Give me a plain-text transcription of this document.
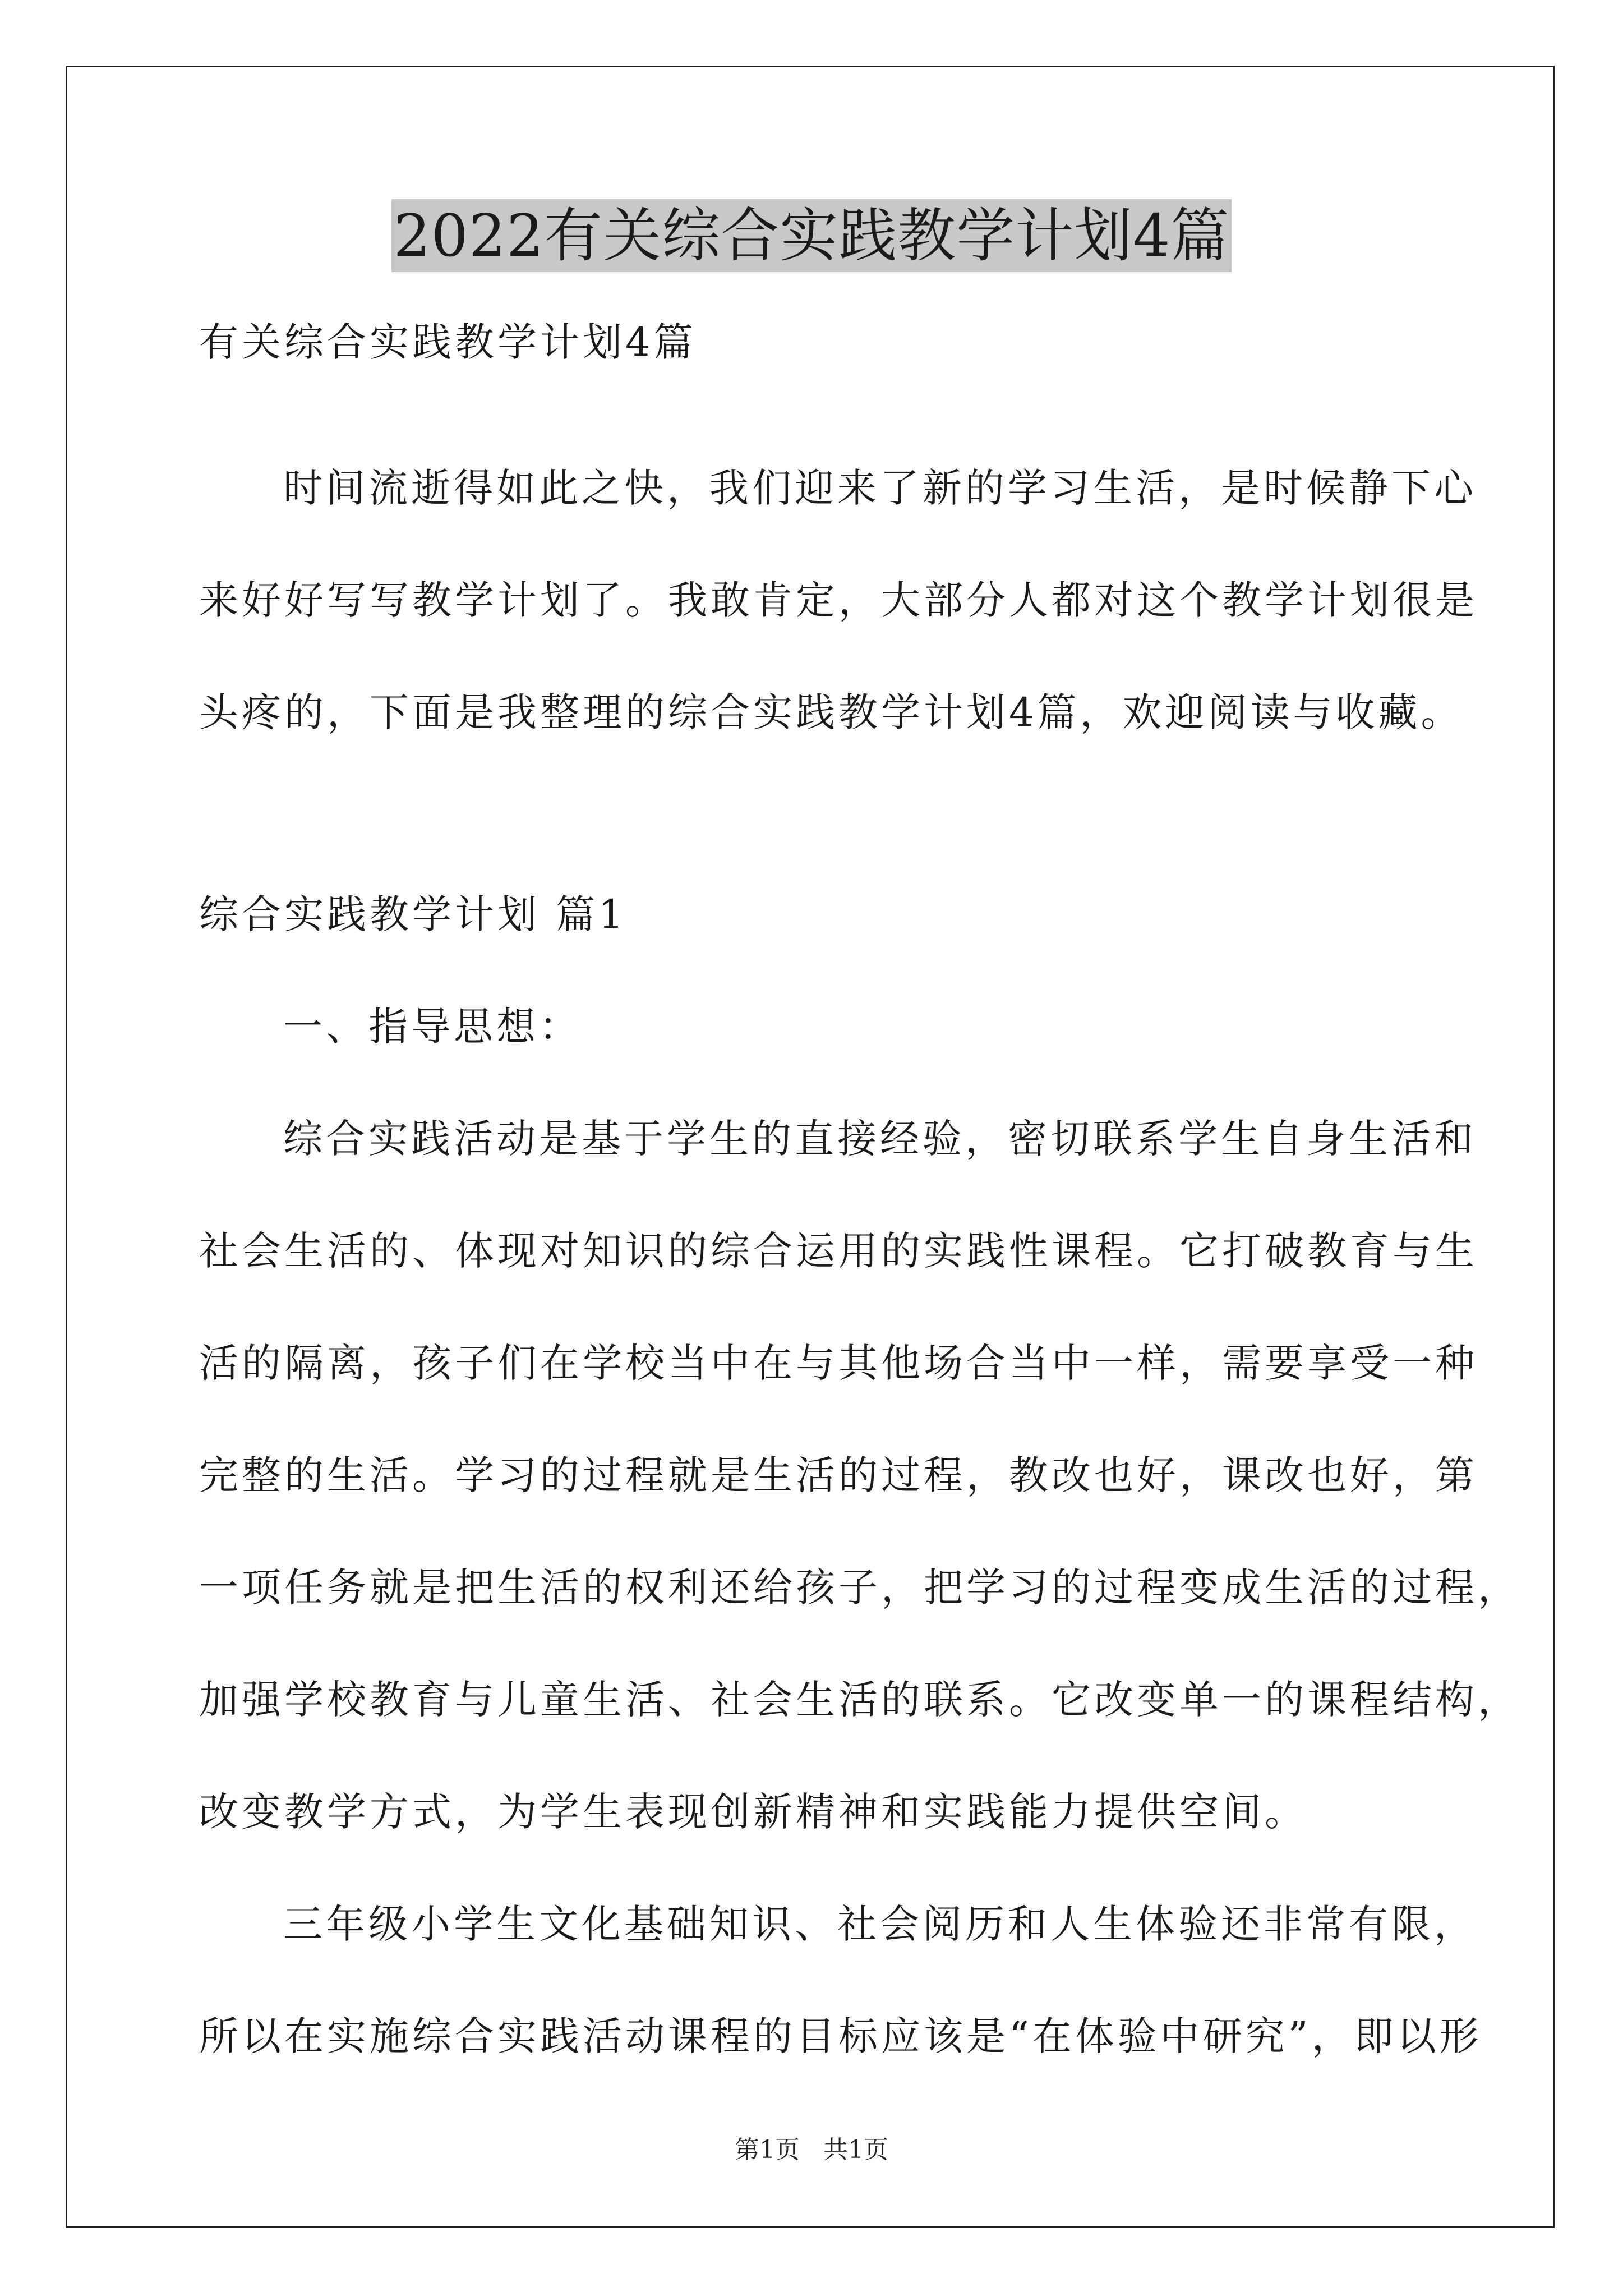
2022有关综合实践教学计划4篇
有关综合实践教学计划4篇
时间流逝得如此之快，我们迎来了新的学习生活，是时候静下心
来好好写写教学计划了。我敢肯定，大部分人都对这个教学计划很是
头疼的，下面是我整理的综合实践教学计划4篇，欢迎阅读与收藏。
综合实践教学计划 篇1
一、指导思想：
综合实践活动是基于学生的直接经验，密切联系学生自身生活和
社会生活的、体现对知识的综合运用的实践性课程。它打破教育与生
活的隔离，孩子们在学校当中在与其他场合当中一样，需要享受一种
完整的生活。学习的过程就是生活的过程，教改也好，课改也好，第
一项任务就是把生活的权利还给孩子，把学习的过程变成生活的过程，
加强学校教育与儿童生活、社会生活的联系。它改变单一的课程结构，
改变教学方式，为学生表现创新精神和实践能力提供空间。
三年级小学生文化基础知识、社会阅历和人生体验还非常有限，
所以在实施综合实践活动课程的目标应该是“在体验中研究”，即以形
第1页 共1页
